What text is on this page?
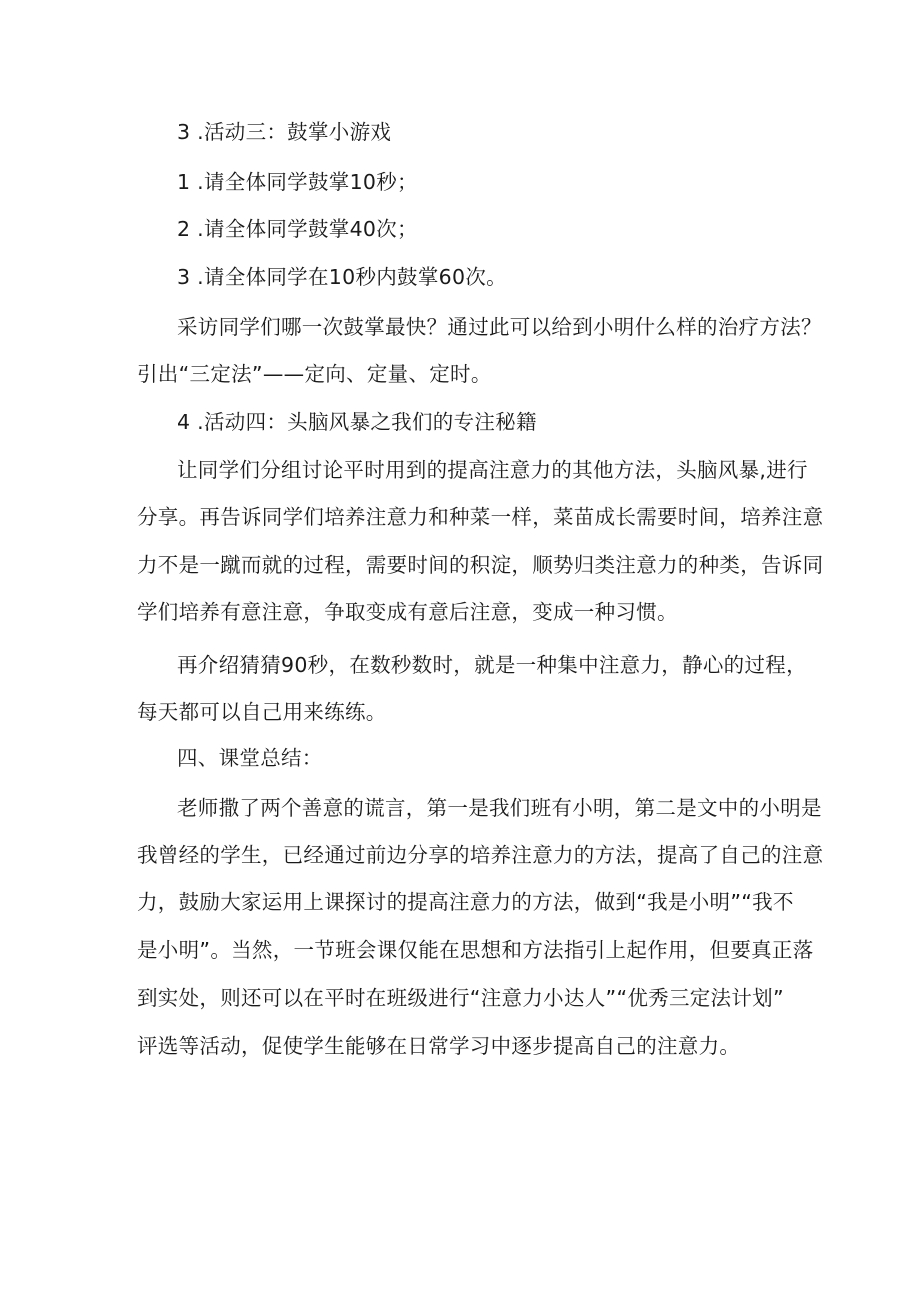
3 .活动三：鼓掌小游戏
1 .请全体同学鼓掌10秒；
2 .请全体同学鼓掌40次；
3 .请全体同学在10秒内鼓掌60次。
采访同学们哪一次鼓掌最快？通过此可以给到小明什么样的治疗方法？
引出“三定法”——定向、定量、定时。
4 .活动四：头脑风暴之我们的专注秘籍
让同学们分组讨论平时用到的提高注意力的其他方法，头脑风暴,进行
分享。再告诉同学们培养注意力和种菜一样，菜苗成长需要时间，培养注意
力不是一蹴而就的过程，需要时间的积淀，顺势归类注意力的种类，告诉同
学们培养有意注意，争取变成有意后注意，变成一种习惯。
再介绍猜猜90秒，在数秒数时，就是一种集中注意力，静心的过程，
每天都可以自己用来练练。
四、课堂总结：
老师撒了两个善意的谎言，第一是我们班有小明，第二是文中的小明是
我曾经的学生，已经通过前边分享的培养注意力的方法，提高了自己的注意
力，鼓励大家运用上课探讨的提高注意力的方法，做到“我是小明”“我不
是小明”。当然，一节班会课仅能在思想和方法指引上起作用，但要真正落
到实处，则还可以在平时在班级进行“注意力小达人”“优秀三定法计划”
评选等活动，促使学生能够在日常学习中逐步提高自己的注意力。
